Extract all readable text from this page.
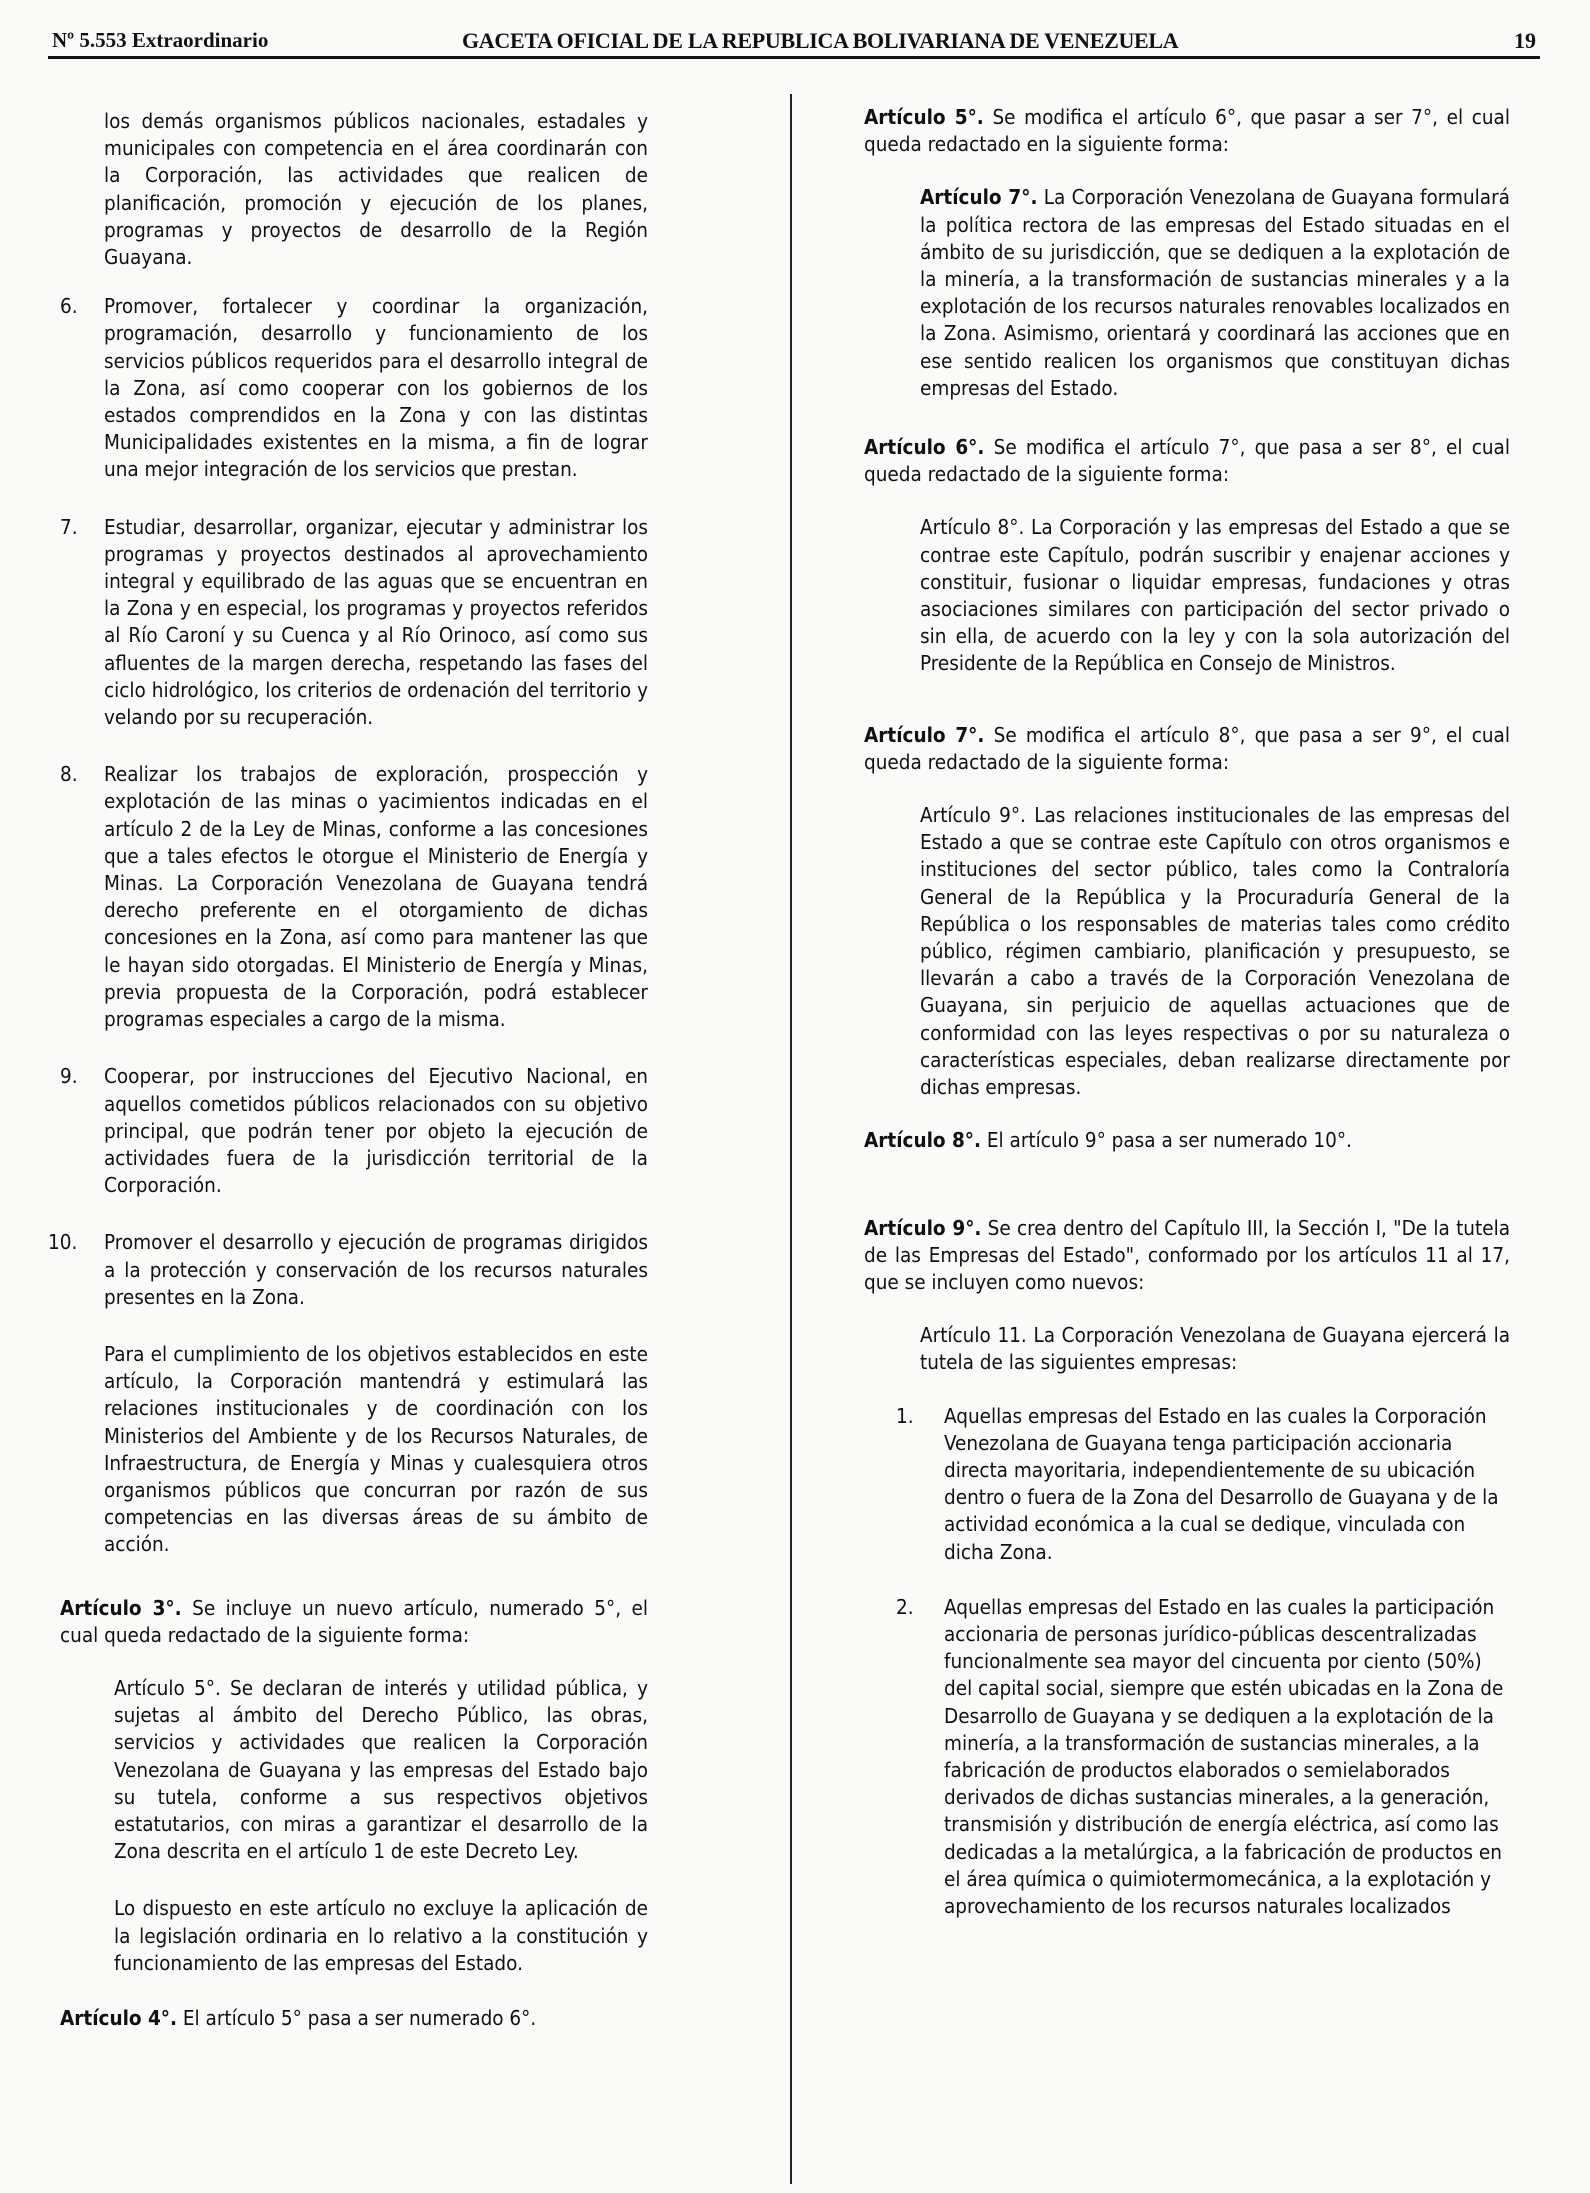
Nº 5.553 Extraordinario	GACETA OFICIAL DE LA REPUBLICA BOLIVARIANA DE VENEZUELA	19

los demás organismos públicos nacionales, estadales y municipales con competencia en el área coordinarán con la Corporación, las actividades que realicen de planificación, promoción y ejecución de los planes, programas y proyectos de desarrollo de la Región Guayana.

6. Promover, fortalecer y coordinar la organización, programación, desarrollo y funcionamiento de los servicios públicos requeridos para el desarrollo integral de la Zona, así como cooperar con los gobiernos de los estados comprendidos en la Zona y con las distintas Municipalidades existentes en la misma, a fin de lograr una mejor integración de los servicios que prestan.
7. Estudiar, desarrollar, organizar, ejecutar y administrar los programas y proyectos destinados al aprovechamiento integral y equilibrado de las aguas que se encuentran en la Zona y en especial, los programas y proyectos referidos al Río Caroní y su Cuenca y al Río Orinoco, así como sus afluentes de la margen derecha, respetando las fases del ciclo hidrológico, los criterios de ordenación del territorio y velando por su recuperación.
8. Realizar los trabajos de exploración, prospección y explotación de las minas o yacimientos indicadas en el artículo 2 de la Ley de Minas, conforme a las concesiones que a tales efectos le otorgue el Ministerio de Energía y Minas. La Corporación Venezolana de Guayana tendrá derecho preferente en el otorgamiento de dichas concesiones en la Zona, así como para mantener las que le hayan sido otorgadas. El Ministerio de Energía y Minas, previa propuesta de la Corporación, podrá establecer programas especiales a cargo de la misma.
9. Cooperar, por instrucciones del Ejecutivo Nacional, en aquellos cometidos públicos relacionados con su objetivo principal, que podrán tener por objeto la ejecución de actividades fuera de la jurisdicción territorial de la Corporación.
10. Promover el desarrollo y ejecución de programas dirigidos a la protección y conservación de los recursos naturales presentes en la Zona.

Para el cumplimiento de los objetivos establecidos en este artículo, la Corporación mantendrá y estimulará las relaciones institucionales y de coordinación con los Ministerios del Ambiente y de los Recursos Naturales, de Infraestructura, de Energía y Minas y cualesquiera otros organismos públicos que concurran por razón de sus competencias en las diversas áreas de su ámbito de acción.

Artículo 3°. Se incluye un nuevo artículo, numerado 5°, el cual queda redactado de la siguiente forma:

Artículo 5°. Se declaran de interés y utilidad pública, y sujetas al ámbito del Derecho Público, las obras, servicios y actividades que realicen la Corporación Venezolana de Guayana y las empresas del Estado bajo su tutela, conforme a sus respectivos objetivos estatutarios, con miras a garantizar el desarrollo de la Zona descrita en el artículo 1 de este Decreto Ley.

Lo dispuesto en este artículo no excluye la aplicación de la legislación ordinaria en lo relativo a la constitución y funcionamiento de las empresas del Estado.

Artículo 4°. El artículo 5° pasa a ser numerado 6°.

Artículo 5°. Se modifica el artículo 6°, que pasar a ser 7°, el cual queda redactado en la siguiente forma:

Artículo 7°. La Corporación Venezolana de Guayana formulará la política rectora de las empresas del Estado situadas en el ámbito de su jurisdicción, que se dediquen a la explotación de la minería, a la transformación de sustancias minerales y a la explotación de los recursos naturales renovables localizados en la Zona. Asimismo, orientará y coordinará las acciones que en ese sentido realicen los organismos que constituyan dichas empresas del Estado.

Artículo 6°. Se modifica el artículo 7°, que pasa a ser 8°, el cual queda redactado de la siguiente forma:

Artículo 8°. La Corporación y las empresas del Estado a que se contrae este Capítulo, podrán suscribir y enajenar acciones y constituir, fusionar o liquidar empresas, fundaciones y otras asociaciones similares con participación del sector privado o sin ella, de acuerdo con la ley y con la sola autorización del Presidente de la República en Consejo de Ministros.

Artículo 7°. Se modifica el artículo 8°, que pasa a ser 9°, el cual queda redactado de la siguiente forma:

Artículo 9°. Las relaciones institucionales de las empresas del Estado a que se contrae este Capítulo con otros organismos e instituciones del sector público, tales como la Contraloría General de la República y la Procuraduría General de la República o los responsables de materias tales como crédito público, régimen cambiario, planificación y presupuesto, se llevarán a cabo a través de la Corporación Venezolana de Guayana, sin perjuicio de aquellas actuaciones que de conformidad con las leyes respectivas o por su naturaleza o características especiales, deban realizarse directamente por dichas empresas.

Artículo 8°. El artículo 9° pasa a ser numerado 10°.

Artículo 9°. Se crea dentro del Capítulo III, la Sección I, "De la tutela de las Empresas del Estado", conformado por los artículos 11 al 17, que se incluyen como nuevos:

Artículo 11. La Corporación Venezolana de Guayana ejercerá la tutela de las siguientes empresas:

1. Aquellas empresas del Estado en las cuales la Corporación Venezolana de Guayana tenga participación accionaria directa mayoritaria, independientemente de su ubicación dentro o fuera de la Zona del Desarrollo de Guayana y de la actividad económica a la cual se dedique, vinculada con dicha Zona.
2. Aquellas empresas del Estado en las cuales la participación accionaria de personas jurídico-públicas descentralizadas funcionalmente sea mayor del cincuenta por ciento (50%) del capital social, siempre que estén ubicadas en la Zona de Desarrollo de Guayana y se dediquen a la explotación de la minería, a la transformación de sustancias minerales, a la fabricación de productos elaborados o semielaborados derivados de dichas sustancias minerales, a la generación, transmisión y distribución de energía eléctrica, así como las dedicadas a la metalúrgica, a la fabricación de productos en el área química o quimiotermomecánica, a la explotación y aprovechamiento de los recursos naturales localizados
